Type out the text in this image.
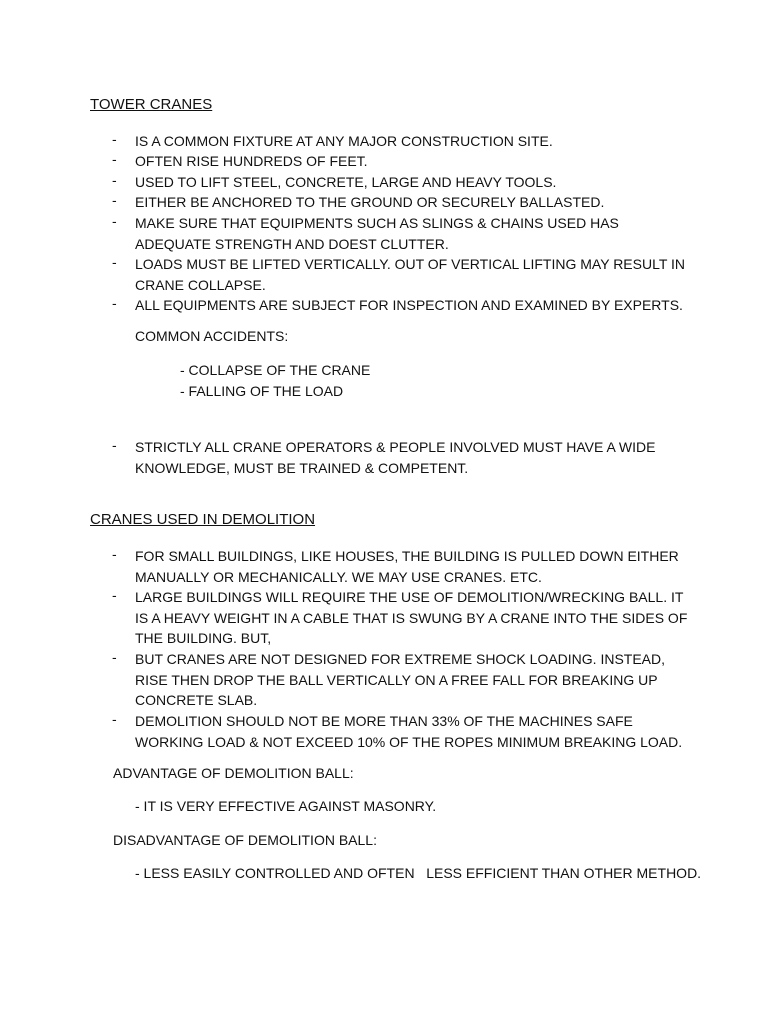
TOWER CRANES
- IS A COMMON FIXTURE AT ANY MAJOR CONSTRUCTION SITE.
- OFTEN RISE HUNDREDS OF FEET.
- USED TO LIFT STEEL, CONCRETE, LARGE AND HEAVY TOOLS.
- EITHER BE ANCHORED TO THE GROUND OR SECURELY BALLASTED.
- MAKE SURE THAT EQUIPMENTS SUCH AS SLINGS & CHAINS USED HAS ADEQUATE STRENGTH AND DOEST CLUTTER.
- LOADS MUST BE LIFTED VERTICALLY. OUT OF VERTICAL LIFTING MAY RESULT IN CRANE COLLAPSE.
- ALL EQUIPMENTS ARE SUBJECT FOR INSPECTION AND EXAMINED BY EXPERTS.
COMMON ACCIDENTS:
- COLLAPSE OF THE CRANE
- FALLING OF THE LOAD
- STRICTLY ALL CRANE OPERATORS & PEOPLE INVOLVED MUST HAVE A WIDE KNOWLEDGE, MUST BE TRAINED & COMPETENT.
CRANES USED IN DEMOLITION
- FOR SMALL BUILDINGS, LIKE HOUSES, THE BUILDING IS PULLED DOWN EITHER MANUALLY OR MECHANICALLY. WE MAY USE CRANES. ETC.
- LARGE BUILDINGS WILL REQUIRE THE USE OF DEMOLITION/WRECKING BALL. IT IS A HEAVY WEIGHT IN A CABLE THAT IS SWUNG BY A CRANE INTO THE SIDES OF THE BUILDING. BUT,
- BUT CRANES ARE NOT DESIGNED FOR EXTREME SHOCK LOADING. INSTEAD, RISE THEN DROP THE BALL VERTICALLY ON A FREE FALL FOR BREAKING UP CONCRETE SLAB.
- DEMOLITION SHOULD NOT BE MORE THAN 33% OF THE MACHINES SAFE WORKING LOAD & NOT EXCEED 10% OF THE ROPES MINIMUM BREAKING LOAD.
ADVANTAGE OF DEMOLITION BALL:
- IT IS VERY EFFECTIVE AGAINST MASONRY.
DISADVANTAGE OF DEMOLITION BALL:
- LESS EASILY CONTROLLED AND OFTEN   LESS EFFICIENT THAN OTHER METHOD.
